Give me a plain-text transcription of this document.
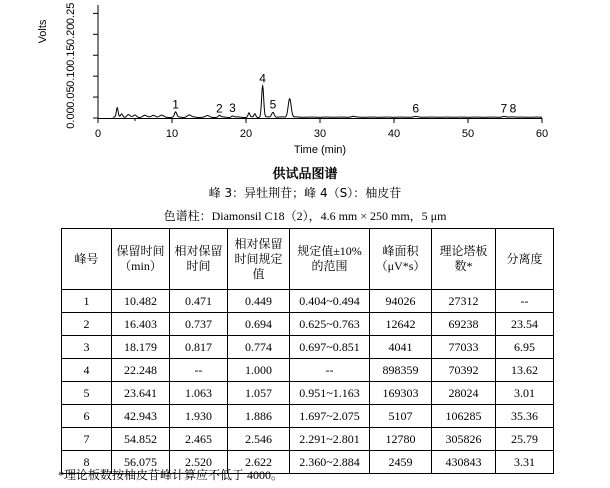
0	10	20	30	40	50	60
0.00
0.05
0.10
0.15
0.20
0.25
Time (min)
Volts
1	2 3
4
5	6	7 8
供试品图谱
峰 3：异牡荆苷；峰 4（S）：柚皮苷
色谱柱：Diamonsil C18（2），4.6 mm × 250 mm，5 μm
峰号	保留时间（min）	相对保留时间	相对保留时间规定值	规定值±10%的范围	峰面积（μV*s）	理论塔板数*	分离度
1	10.482	0.471	0.449	0.404~0.494	94026	27312	--
2	16.403	0.737	0.694	0.625~0.763	12642	69238	23.54
3	18.179	0.817	0.774	0.697~0.851	4041	77033	6.95
4	22.248	--	1.000	--	898359	70392	13.62
5	23.641	1.063	1.057	0.951~1.163	169303	28024	3.01
6	42.943	1.930	1.886	1.697~2.075	5107	106285	35.36
7	54.852	2.465	2.546	2.291~2.801	12780	305826	25.79
8	56.075	2.520	2.622	2.360~2.884	2459	430843	3.31
*理论板数按柚皮苷峰计算应不低于 4000。
